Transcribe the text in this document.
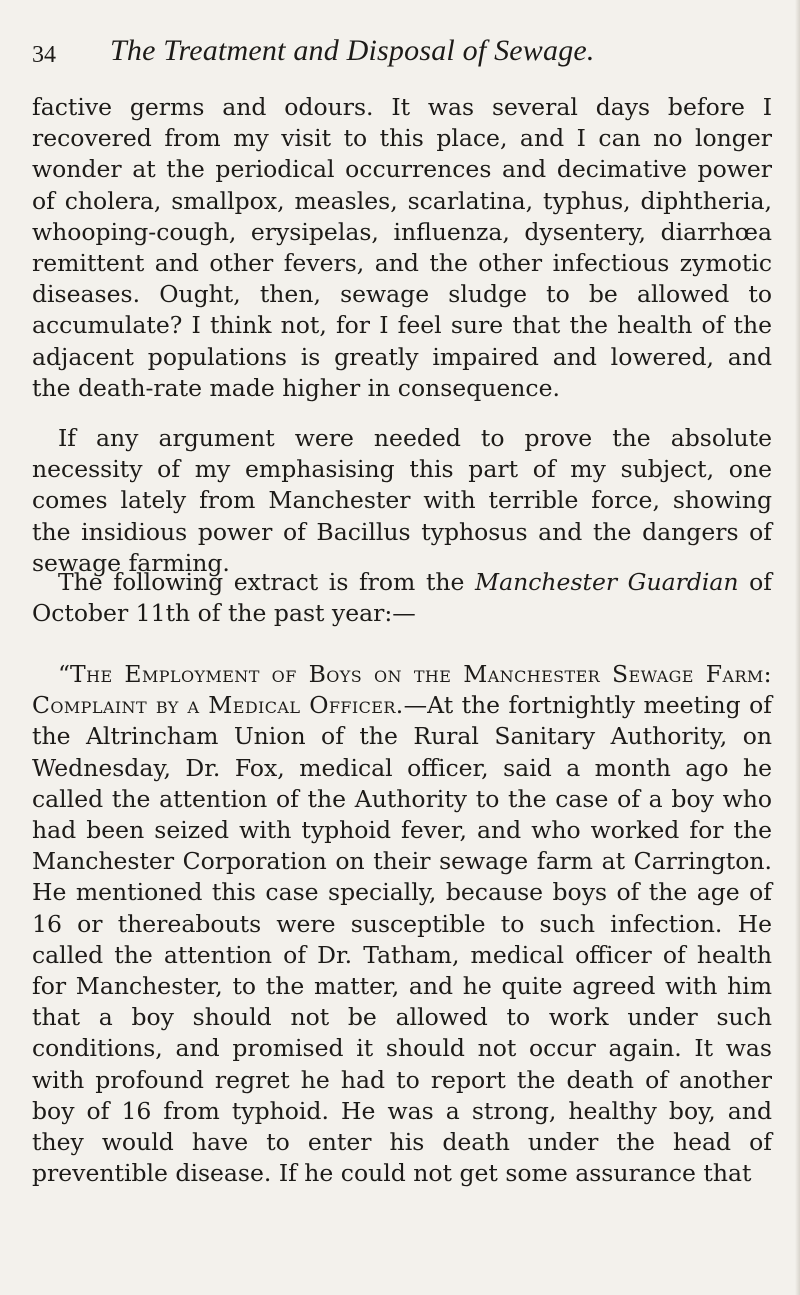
34 The Treatment and Disposal of Sewage.

factive germs and odours. It was several days before I recovered from my visit to this place, and I can no longer wonder at the periodical occurrences and decimative power of cholera, smallpox, measles, scarlatina, typhus, diphtheria, whooping-cough, erysipelas, influenza, dysentery, diarrhœa remittent and other fevers, and the other infectious zymotic diseases. Ought, then, sewage sludge to be allowed to accumulate? I think not, for I feel sure that the health of the adjacent populations is greatly impaired and lowered, and the death-rate made higher in consequence.

If any argument were needed to prove the absolute necessity of my emphasising this part of my subject, one comes lately from Manchester with terrible force, showing the insidious power of Bacillus typhosus and the dangers of sewage farming.

The following extract is from the Manchester Guardian of October 11th of the past year:—

“The Employment of Boys on the Manchester Sewage Farm: Complaint by a Medical Officer.—At the fortnightly meeting of the Altrincham Union of the Rural Sanitary Authority, on Wednesday, Dr. Fox, medical officer, said a month ago he called the attention of the Authority to the case of a boy who had been seized with typhoid fever, and who worked for the Manchester Corporation on their sewage farm at Carrington. He mentioned this case specially, because boys of the age of 16 or thereabouts were susceptible to such infection. He called the attention of Dr. Tatham, medical officer of health for Manchester, to the matter, and he quite agreed with him that a boy should not be allowed to work under such conditions, and promised it should not occur again. It was with profound regret he had to report the death of another boy of 16 from typhoid. He was a strong, healthy boy, and they would have to enter his death under the head of preventible disease. If he could not get some assurance that
